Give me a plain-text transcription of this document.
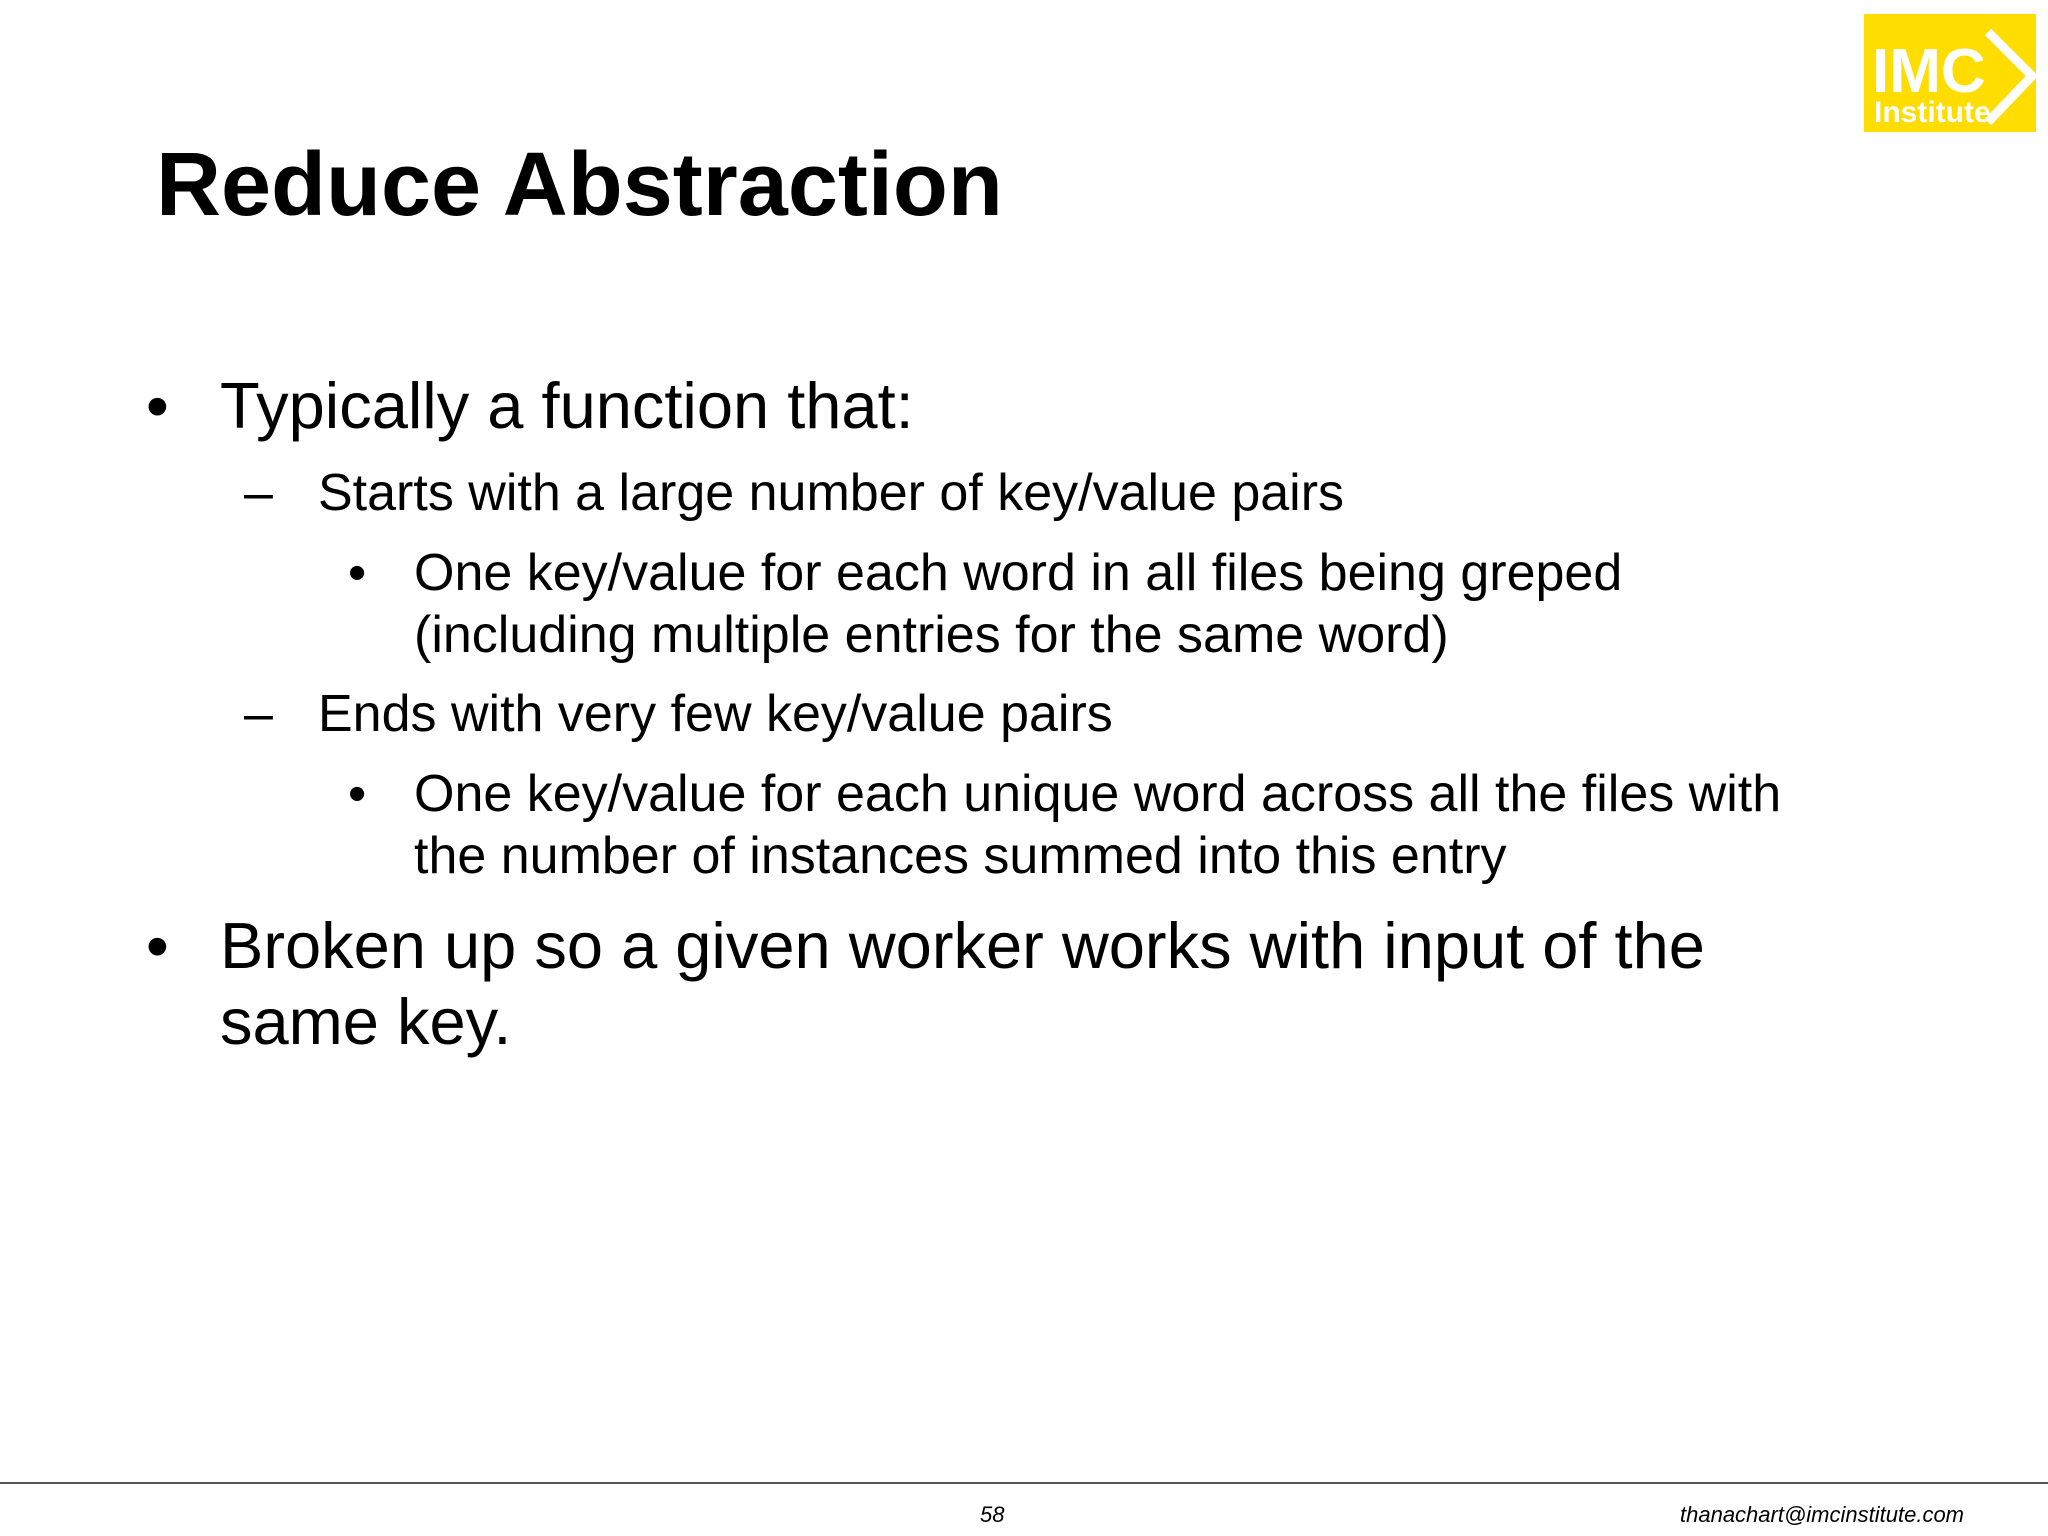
IMC
Institute
Reduce Abstraction
• Typically a function that:
– Starts with a large number of key/value pairs
• One key/value for each word in all files being greped
(including multiple entries for the same word)
– Ends with very few key/value pairs
• One key/value for each unique word across all the files with
the number of instances summed into this entry
• Broken up so a given worker works with input of the
same key.
58	thanachart@imcinstitute.com
